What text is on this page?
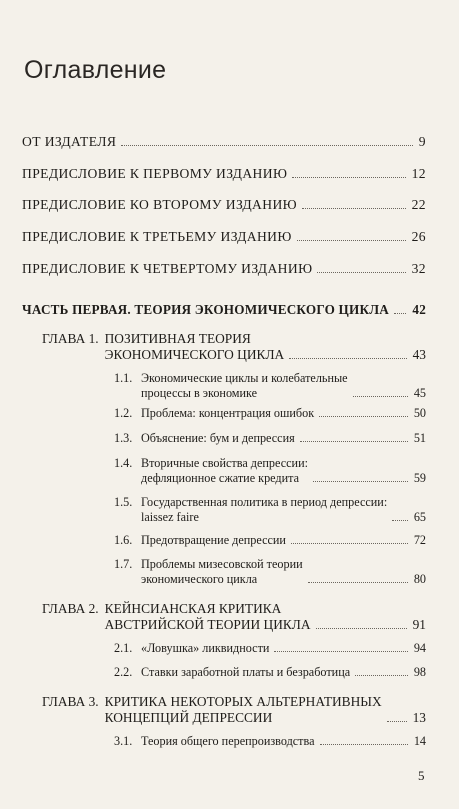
Оглавление
ОТ ИЗДАТЕЛЯ	9
ПРЕДИСЛОВИЕ К ПЕРВОМУ ИЗДАНИЮ	12
ПРЕДИСЛОВИЕ КО ВТОРОМУ ИЗДАНИЮ	22
ПРЕДИСЛОВИЕ К ТРЕТЬЕМУ ИЗДАНИЮ	26
ПРЕДИСЛОВИЕ К ЧЕТВЕРТОМУ ИЗДАНИЮ	32
ЧАСТЬ ПЕРВАЯ. ТЕОРИЯ ЭКОНОМИЧЕСКОГО ЦИКЛА 42
ГЛАВА 1. ПОЗИТИВНАЯ ТЕОРИЯ
ЭКОНОМИЧЕСКОГО ЦИКЛА	43
1.1. Экономические циклы и колебательные
процессы в экономике	45
1.2. Проблема: концентрация ошибок	50
1.3. Объяснение: бум и депрессия	51
1.4. Вторичные свойства депрессии:
дефляционное сжатие кредита	59
1.5. Государственная политика в период депрессии:
laissez faire	65
1.6. Предотвращение депрессии	72
1.7. Проблемы мизесовской теории
экономического цикла	80
ГЛАВА 2. КЕЙНСИАНСКАЯ КРИТИКА
АВСТРИЙСКОЙ ТЕОРИИ ЦИКЛА	91
2.1. «Ловушка» ликвидности	94
2.2. Ставки заработной платы и безработица	98
ГЛАВА 3. КРИТИКА НЕКОТОРЫХ АЛЬТЕРНАТИВНЫХ
КОНЦЕПЦИЙ ДЕПРЕССИИ	13
3.1. Теория общего перепроизводства	14
5
